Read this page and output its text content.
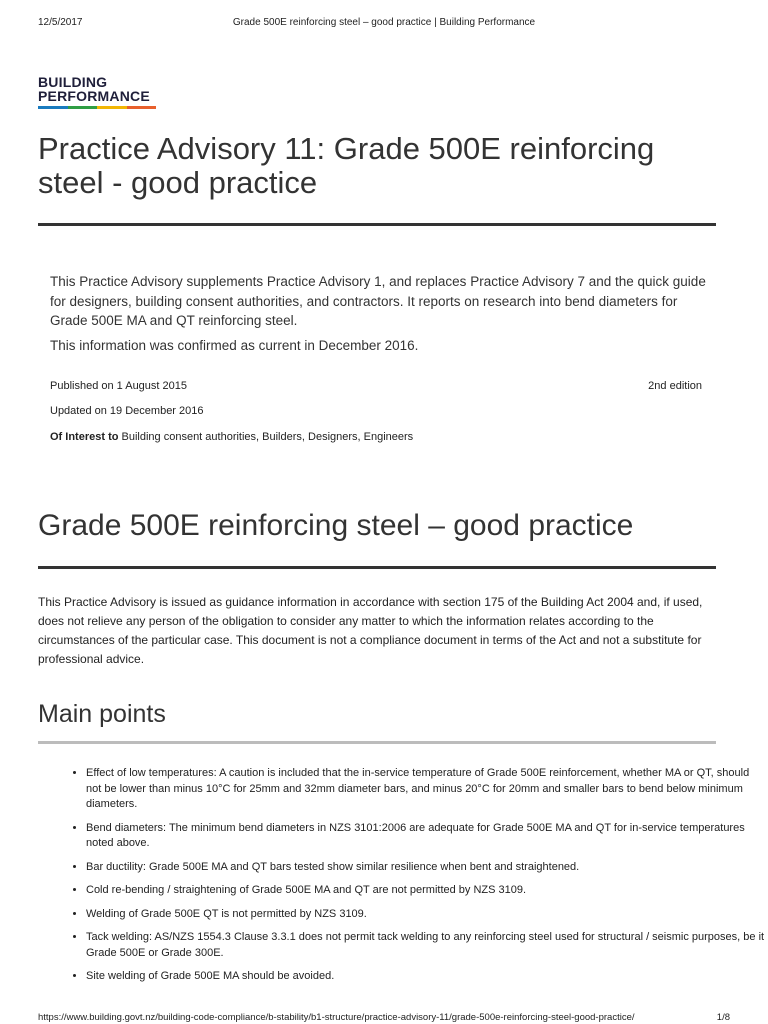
12/5/2017	Grade 500E reinforcing steel – good practice | Building Performance
BUILDING
PERFORMANCE
Practice Advisory 11: Grade 500E reinforcing steel - good practice

This Practice Advisory supplements Practice Advisory 1, and replaces Practice Advisory 7 and the quick guide for designers, building consent authorities, and contractors. It reports on research into bend diameters for Grade 500E MA and QT reinforcing steel.

This information was confirmed as current in December 2016.

Published on 1 August 2015	2nd edition
Updated on 19 December 2016
Of Interest to Building consent authorities, Builders, Designers, Engineers
Grade 500E reinforcing steel – good practice
This Practice Advisory is issued as guidance information in accordance with section 175 of the Building Act 2004 and, if used, does not relieve any person of the obligation to consider any matter to which the information relates according to the circumstances of the particular case. This document is not a compliance document in terms of the Act and not a substitute for professional advice.
Main points
• Effect of low temperatures: A caution is included that the in-service temperature of Grade 500E reinforcement, whether MA or QT, should not be lower than minus 10°C for 25mm and 32mm diameter bars, and minus 20°C for 20mm and smaller bars to bend below minimum diameters.
• Bend diameters: The minimum bend diameters in NZS 3101:2006 are adequate for Grade 500E MA and QT for in-service temperatures noted above.
• Bar ductility: Grade 500E MA and QT bars tested show similar resilience when bent and straightened.
• Cold re-bending / straightening of Grade 500E MA and QT are not permitted by NZS 3109.
• Welding of Grade 500E QT is not permitted by NZS 3109.
• Tack welding: AS/NZS 1554.3 Clause 3.3.1 does not permit tack welding to any reinforcing steel used for structural / seismic purposes, be it Grade 500E or Grade 300E.
• Site welding of Grade 500E MA should be avoided.
https://www.building.govt.nz/building-code-compliance/b-stability/b1-structure/practice-advisory-11/grade-500e-reinforcing-steel-good-practice/	1/8
